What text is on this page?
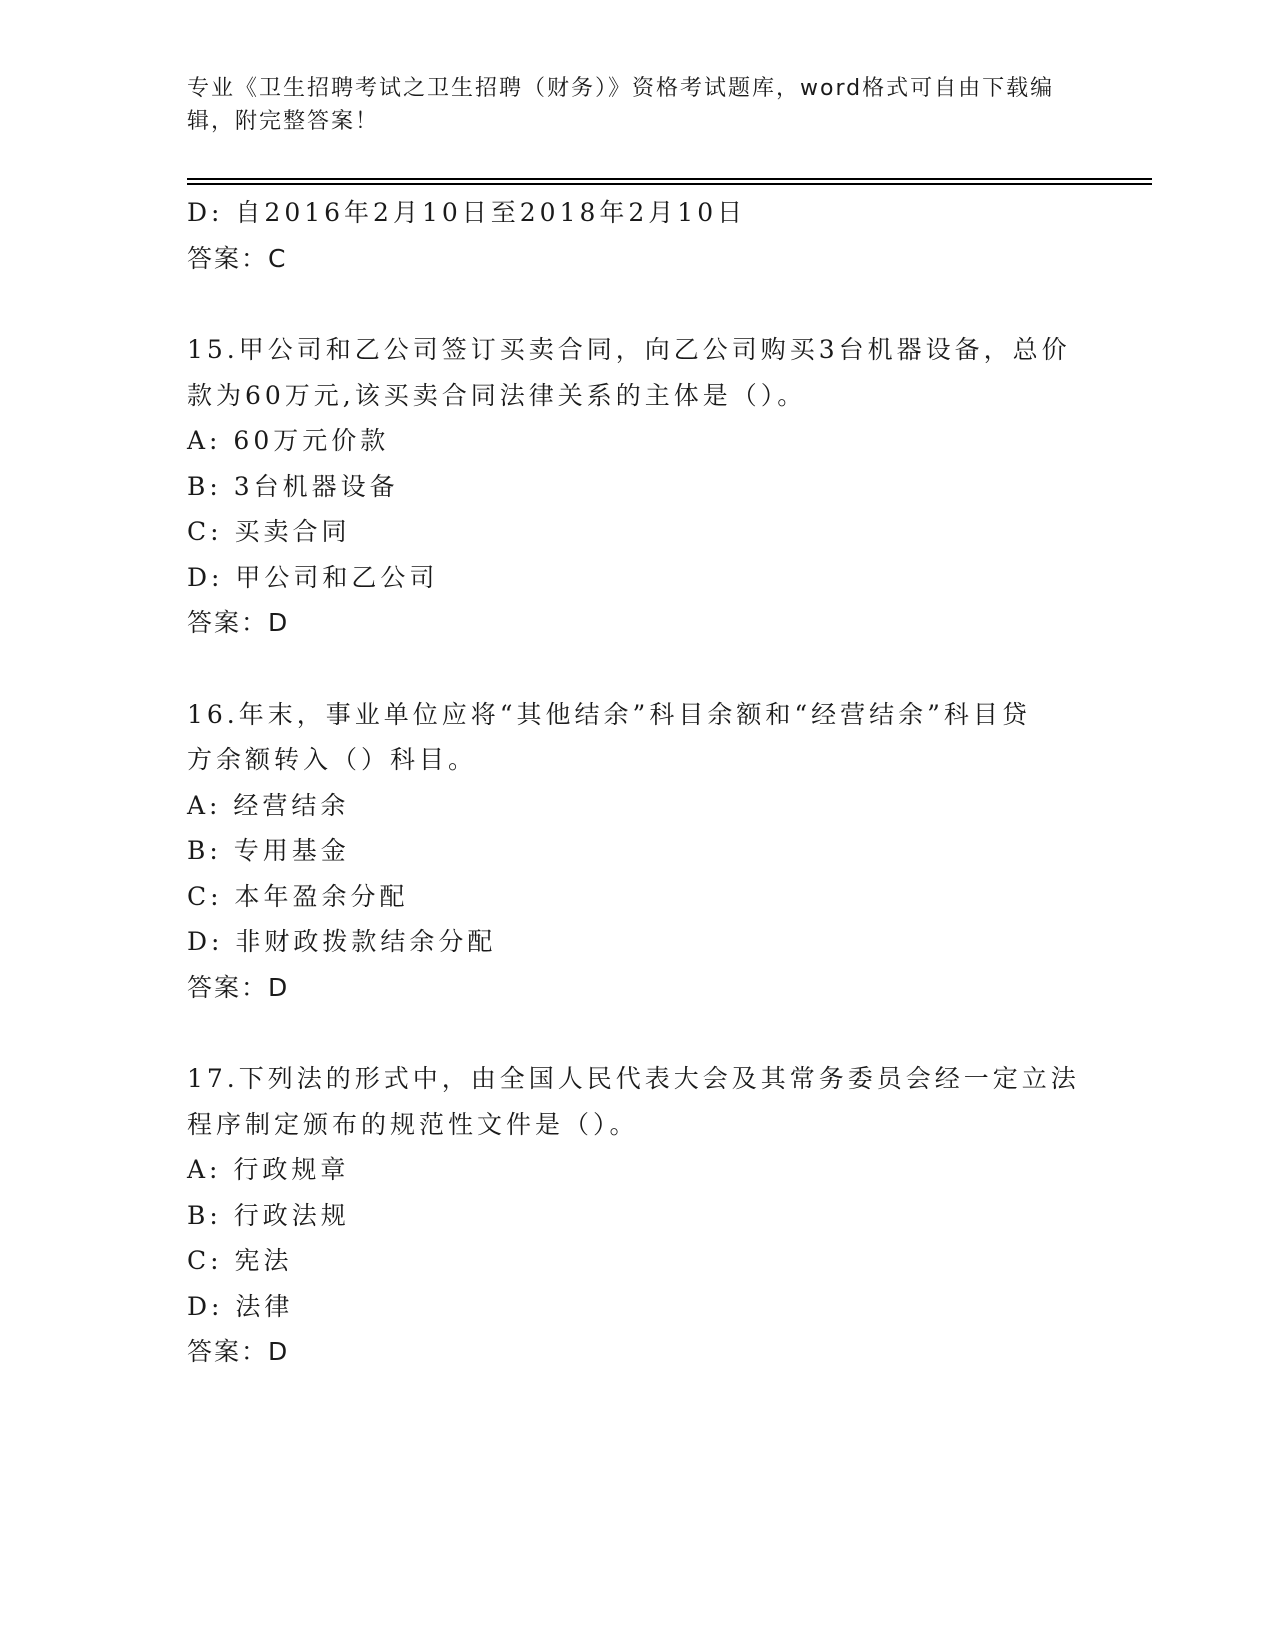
专业《卫生招聘考试之卫生招聘（财务）》资格考试题库，word格式可自由下载编辑，附完整答案！
D: 自2016年2月10日至2018年2月10日
答案：C
15.甲公司和乙公司签订买卖合同，向乙公司购买3台机器设备，总价
款为60万元,该买卖合同法律关系的主体是（）。
A: 60万元价款
B: 3台机器设备
C: 买卖合同
D: 甲公司和乙公司
答案：D
16.年末，事业单位应将“其他结余”科目余额和“经营结余”科目贷
方余额转入（）科目。
A: 经营结余
B: 专用基金
C: 本年盈余分配
D: 非财政拨款结余分配
答案：D
17.下列法的形式中，由全国人民代表大会及其常务委员会经一定立法
程序制定颁布的规范性文件是（）。
A: 行政规章
B: 行政法规
C: 宪法
D: 法律
答案：D
